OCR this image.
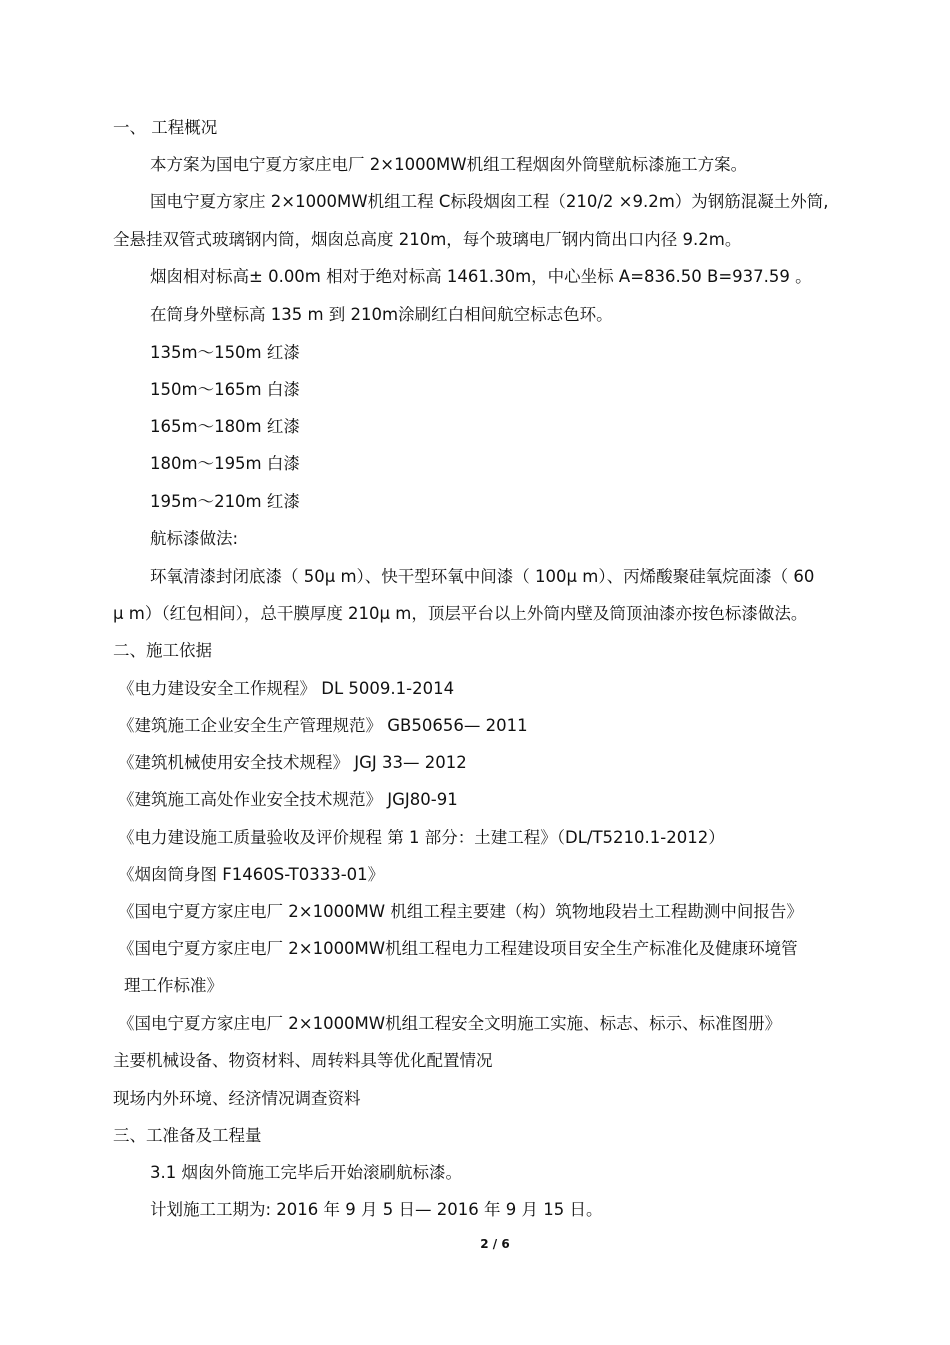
一、 工程概况
本方案为国电宁夏方家庄电厂 2×1000MW机组工程烟囱外筒壁航标漆施工方案。
国电宁夏方家庄 2×1000MW机组工程 C标段烟囱工程（210/2 ×9.2m）为钢筋混凝土外筒,
全悬挂双管式玻璃钢内筒，烟囱总高度 210m，每个玻璃电厂钢内筒出口内径 9.2m。
烟囱相对标高± 0.00m 相对于绝对标高 1461.30m，中心坐标 A=836.50 B=937.59 。
在筒身外壁标高 135 m 到 210m涂刷红白相间航空标志色环。
135m～150m 红漆
150m～165m 白漆
165m～180m 红漆
180m～195m 白漆
195m～210m 红漆
航标漆做法:
环氧清漆封闭底漆（ 50μ m）、快干型环氧中间漆（ 100μ m）、丙烯酸聚硅氧烷面漆（ 60
μ m）（红包相间），总干膜厚度 210μ m，顶层平台以上外筒内壁及筒顶油漆亦按色标漆做法。
二、施工依据
《电力建设安全工作规程》 DL 5009.1-2014
《建筑施工企业安全生产管理规范》 GB50656— 2011
《建筑机械使用安全技术规程》 JGJ 33— 2012
《建筑施工高处作业安全技术规范》 JGJ80-91
《电力建设施工质量验收及评价规程 第 1 部分：土建工程》（DL/T5210.1-2012）
《烟囱筒身图 F1460S-T0333-01》
《国电宁夏方家庄电厂 2×1000MW 机组工程主要建（构）筑物地段岩土工程勘测中间报告》
《国电宁夏方家庄电厂 2×1000MW机组工程电力工程建设项目安全生产标准化及健康环境管
理工作标准》
《国电宁夏方家庄电厂 2×1000MW机组工程安全文明施工实施、标志、标示、标准图册》
主要机械设备、物资材料、周转料具等优化配置情况
现场内外环境、经济情况调查资料
三、工准备及工程量
3.1 烟囱外筒施工完毕后开始滚刷航标漆。
计划施工工期为: 2016 年 9 月 5 日— 2016 年 9 月 15 日。
2 / 6
